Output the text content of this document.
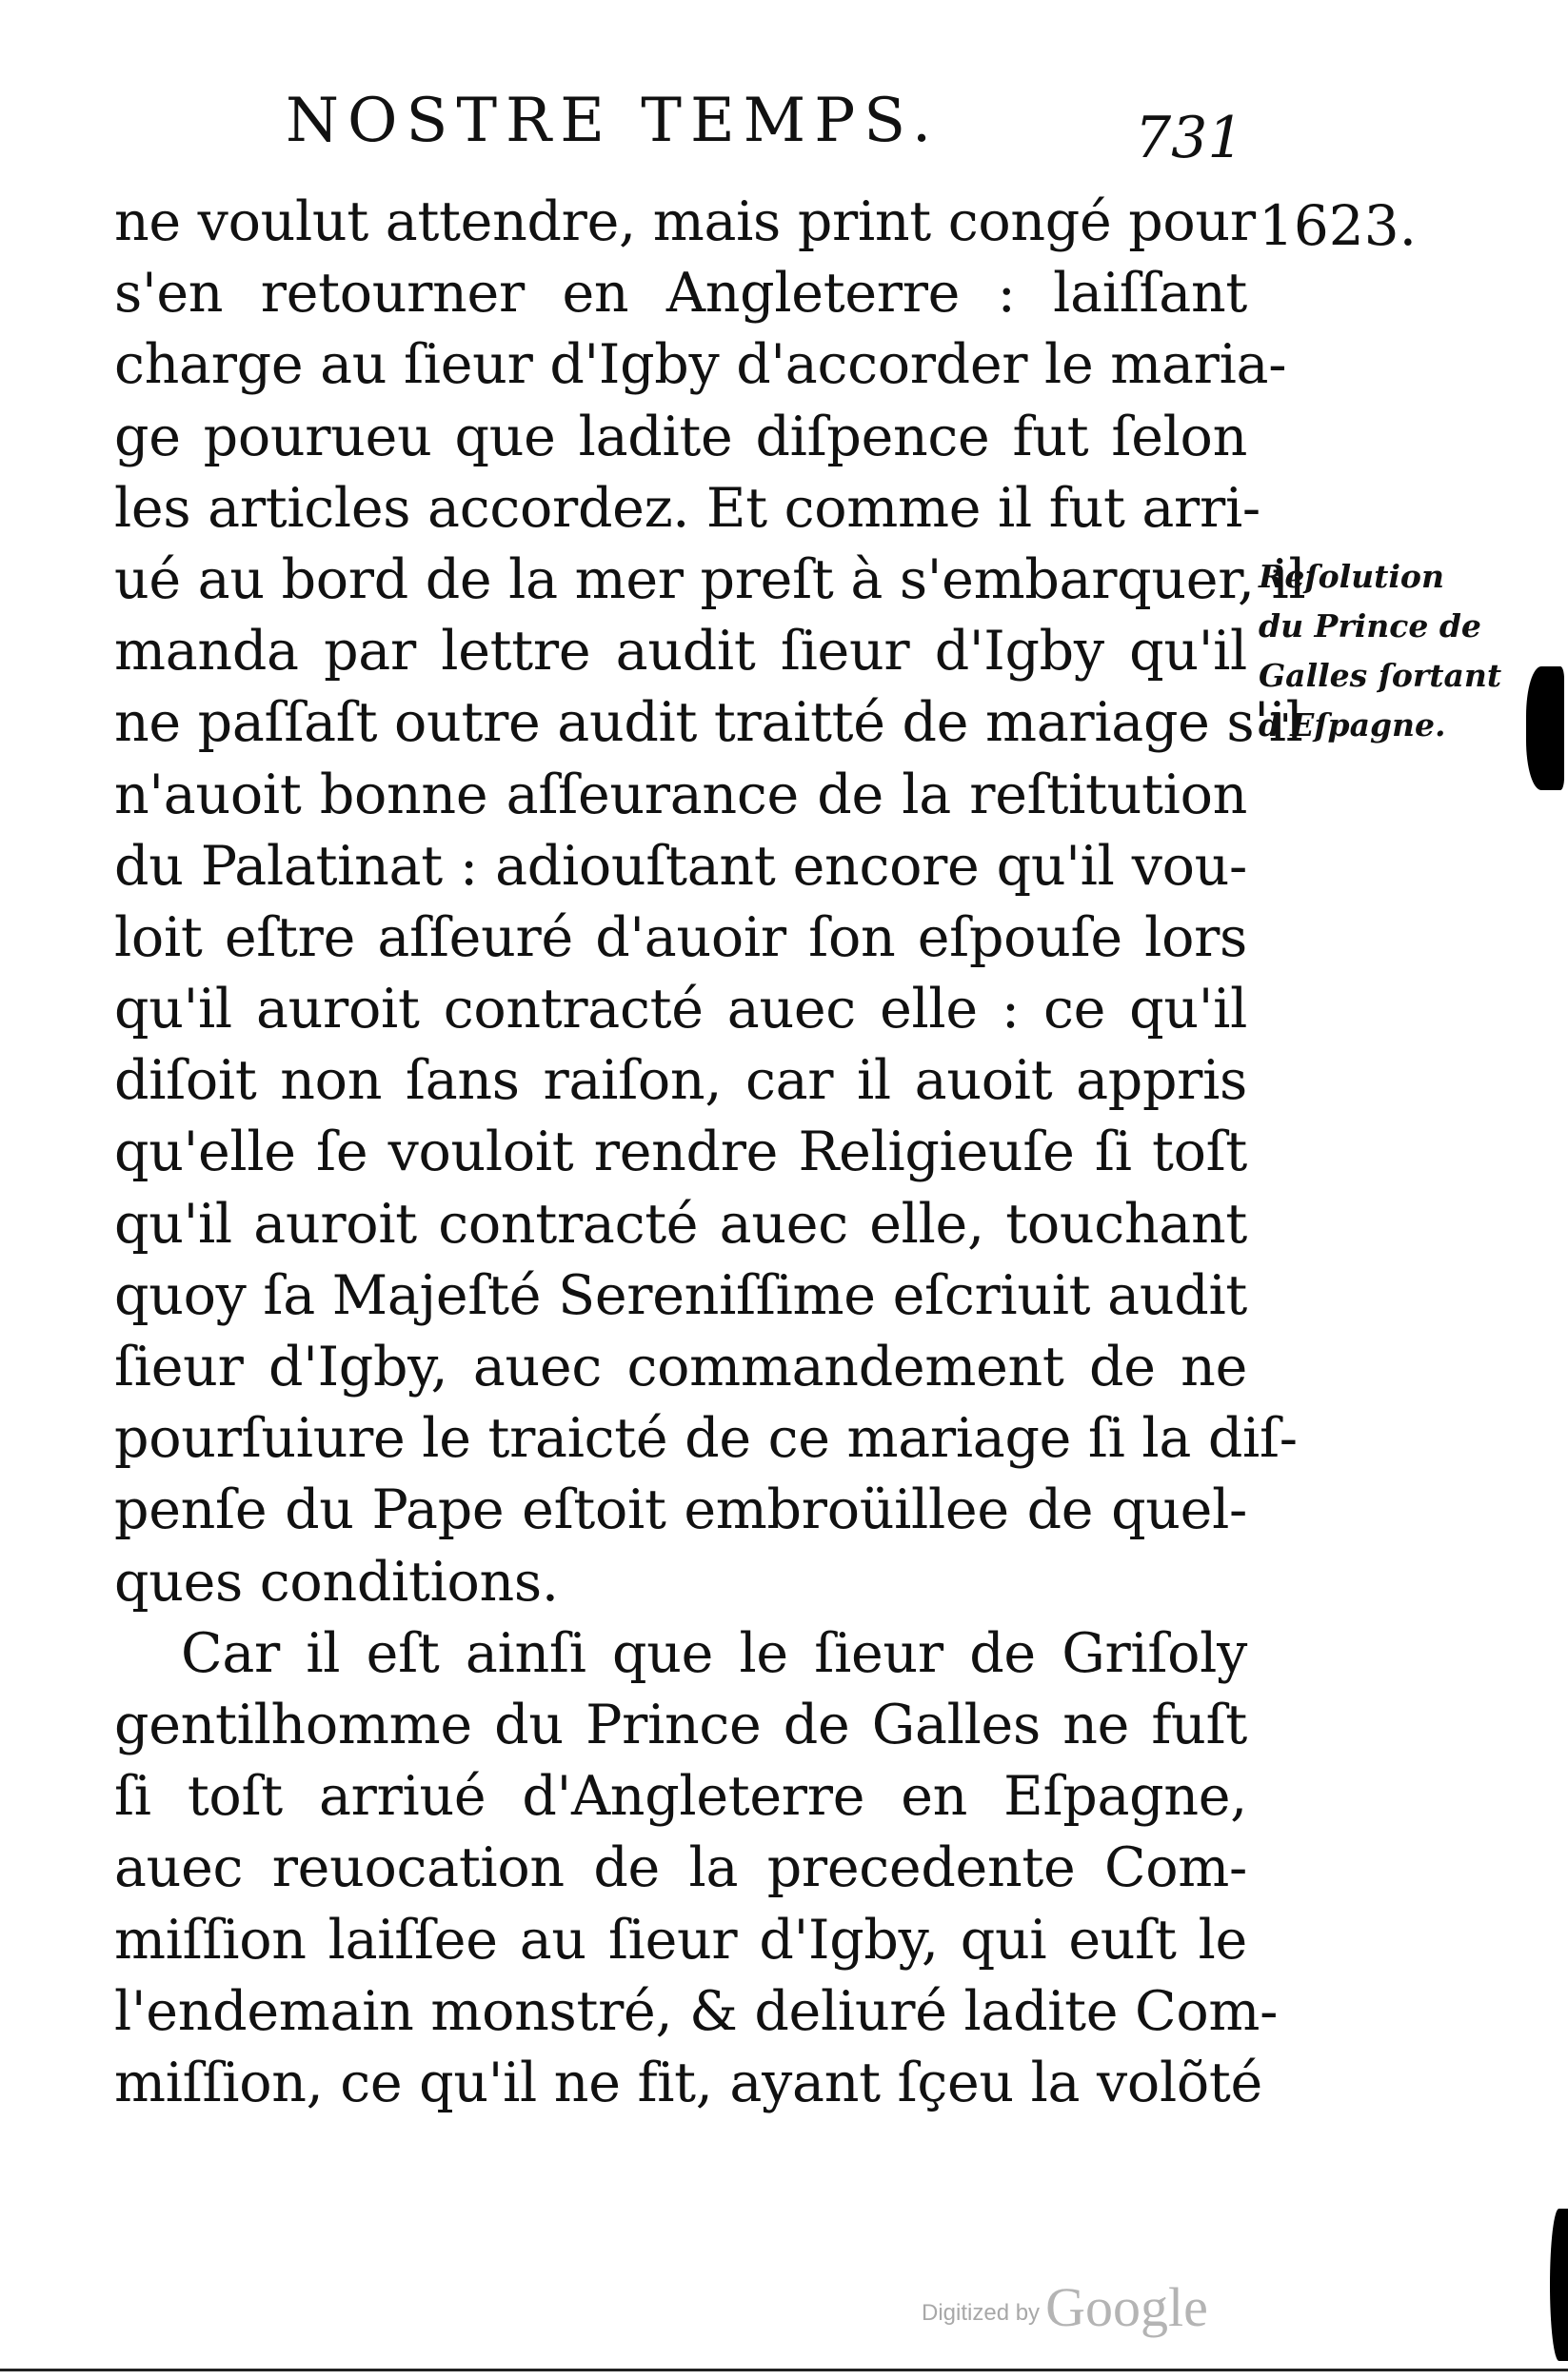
NOSTRE TEMPS.	731
1623.
ne voulut attendre, mais print congé pour
s'en retourner en Angleterre : laiſſant
charge au ſieur d'Igby d'accorder le maria-
ge pourueu que ladite diſpence fut ſelon
les articles accordez. Et comme il fut arri-
ué au bord de la mer preſt à s'embarquer, il
manda par lettre audit ſieur d'Igby qu'il
ne paſſaſt outre audit traitté de mariage s'il
n'auoit bonne aſſeurance de la reſtitution
du Palatinat : adiouſtant encore qu'il vou-
loit eſtre aſſeuré d'auoir ſon eſpouſe lors
qu'il auroit contracté auec elle : ce qu'il
diſoit non ſans raiſon, car il auoit appris
qu'elle ſe vouloit rendre Religieuſe ſi toſt
qu'il auroit contracté auec elle, touchant
quoy ſa Majeſté Sereniſſime eſcriuit audit
ſieur d'Igby, auec commandement de ne
pourſuiure le traicté de ce mariage ſi la diſ-
penſe du Pape eſtoit embroüillee de quel-
ques conditions.
Car il eſt ainſi que le ſieur de Griſoly
gentilhomme du Prince de Galles ne fuſt
ſi toſt arriué d'Angleterre en Eſpagne,
auec reuocation de la precedente Com-
miſſion laiſſee au ſieur d'Igby, qui euſt le
l'endemain monstré, & deliuré ladite Com-
miſſion, ce qu'il ne fit, ayant ſçeu la volõté
Reſolution
du Prince de
Galles ſortant
d'Eſpagne.
Digitized by Google
